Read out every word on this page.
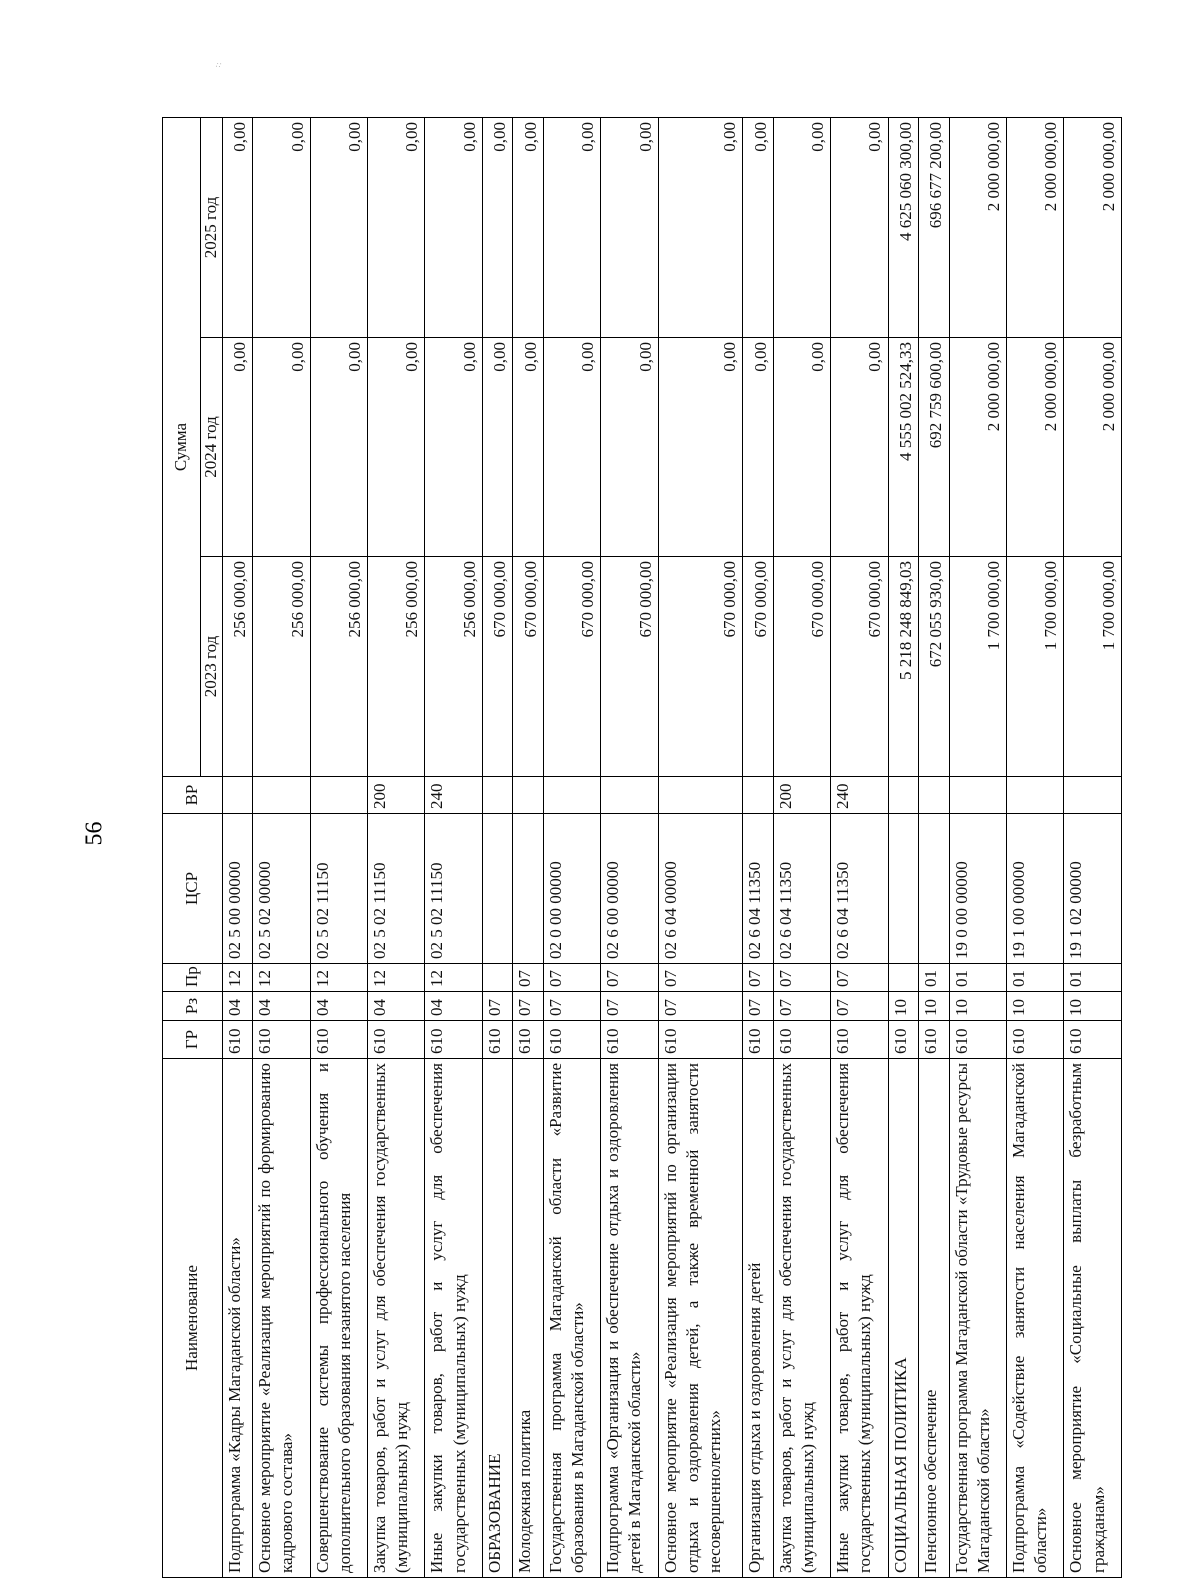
·:·
56
Наименование	ГР	Рз	Пр	ЦСР	ВР	Сумма		
						2023 год	2024 год	2025 год
Подпрограмма «Кадры Магаданской области»	610	04	12	02 5 00 00000		256 000,00	0,00	0,00
Основное мероприятие «Реализация мероприятий по формированию кадрового состава»	610	04	12	02 5 02 00000		256 000,00	0,00	0,00
Совершенствование системы профессионального обучения и дополнительного образования незанятого населения	610	04	12	02 5 02 11150		256 000,00	0,00	0,00
Закупка товаров, работ и услуг для обеспечения государственных (муниципальных) нужд	610	04	12	02 5 02 11150	200	256 000,00	0,00	0,00
Иные закупки товаров, работ и услуг для обеспечения государственных (муниципальных) нужд	610	04	12	02 5 02 11150	240	256 000,00	0,00	0,00
ОБРАЗОВАНИЕ	610	07				670 000,00	0,00	0,00
Молодежная политика	610	07	07			670 000,00	0,00	0,00
Государственная программа Магаданской области «Развитие образования в Магаданской области»	610	07	07	02 0 00 00000		670 000,00	0,00	0,00
Подпрограмма «Организация и обеспечение отдыха и оздоровления детей в Магаданской области»	610	07	07	02 6 00 00000		670 000,00	0,00	0,00
Основное мероприятие «Реализация мероприятий по организации отдыха и оздоровления детей, а также временной занятости несовершеннолетних»	610	07	07	02 6 04 00000		670 000,00	0,00	0,00
Организация отдыха и оздоровления детей	610	07	07	02 6 04 11350		670 000,00	0,00	0,00
Закупка товаров, работ и услуг для обеспечения государственных (муниципальных) нужд	610	07	07	02 6 04 11350	200	670 000,00	0,00	0,00
Иные закупки товаров, работ и услуг для обеспечения государственных (муниципальных) нужд	610	07	07	02 6 04 11350	240	670 000,00	0,00	0,00
СОЦИАЛЬНАЯ ПОЛИТИКА	610	10				5 218 248 849,03	4 555 002 524,33	4 625 060 300,00
Пенсионное обеспечение	610	10	01			672 055 930,00	692 759 600,00	696 677 200,00
Государственная программа Магаданской области «Трудовые ресурсы Магаданской области»	610	10	01	19 0 00 00000		1 700 000,00	2 000 000,00	2 000 000,00
Подпрограмма «Содействие занятости населения Магаданской области»	610	10	01	19 1 00 00000		1 700 000,00	2 000 000,00	2 000 000,00
Основное мероприятие «Социальные выплаты безработным гражданам»	610	10	01	19 1 02 00000		1 700 000,00	2 000 000,00	2 000 000,00
